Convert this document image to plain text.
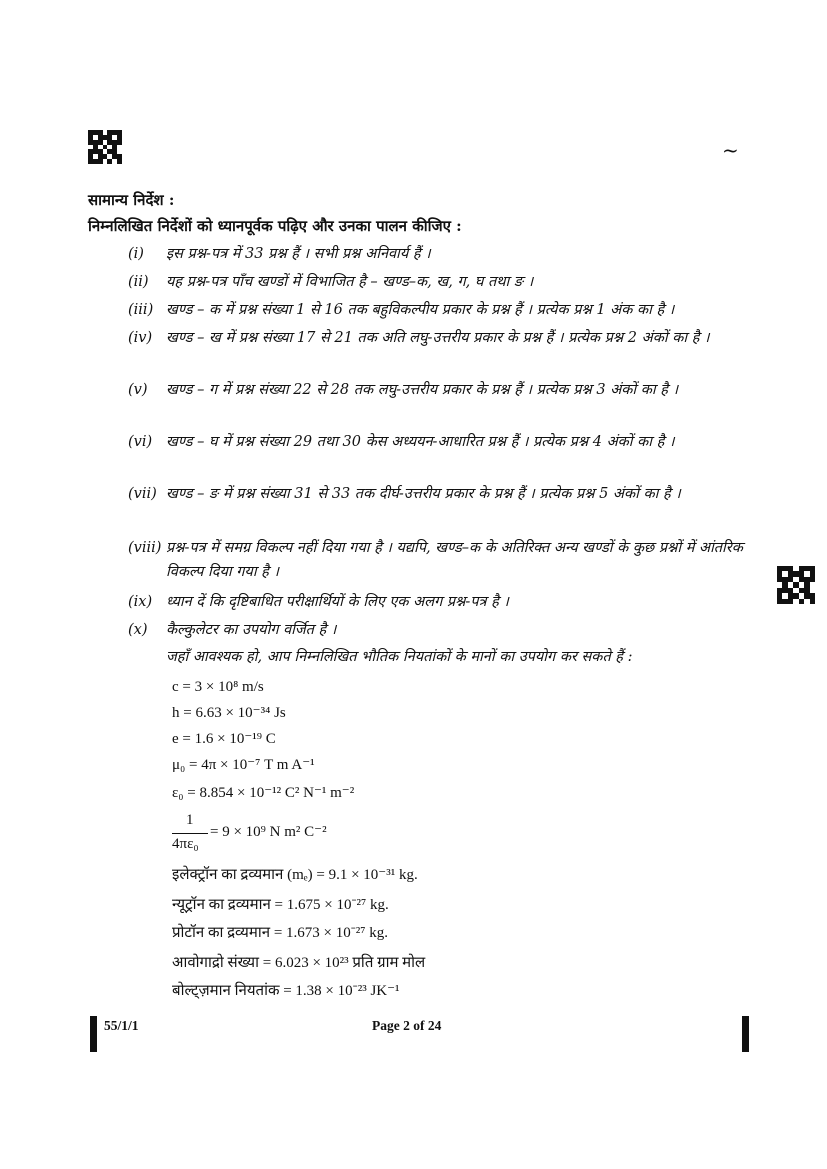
~
सामान्य निर्देश :
निम्नलिखित निर्देशों को ध्यानपूर्वक पढ़िए और उनका पालन कीजिए :
(i)	इस प्रश्न-पत्र में 33 प्रश्न हैं । सभी प्रश्न अनिवार्य हैं ।
(ii)	यह प्रश्न-पत्र पाँच खण्डों में विभाजित है – खण्ड–क, ख, ग, घ तथा ङ ।
(iii) खण्ड – क में प्रश्न संख्या 1 से 16 तक बहुविकल्पीय प्रकार के प्रश्न हैं । प्रत्येक प्रश्न 1 अंक का है ।
(iv) खण्ड – ख में प्रश्न संख्या 17 से 21 तक अति लघु-उत्तरीय प्रकार के प्रश्न हैं । प्रत्येक प्रश्न 2 अंकों का है ।
(v)	खण्ड – ग में प्रश्न संख्या 22 से 28 तक लघु-उत्तरीय प्रकार के प्रश्न हैं । प्रत्येक प्रश्न 3 अंकों का है ।
(vi) खण्ड – घ में प्रश्न संख्या 29 तथा 30 केस अध्ययन-आधारित प्रश्न हैं । प्रत्येक प्रश्न 4 अंकों का है ।
(vii) खण्ड – ङ में प्रश्न संख्या 31 से 33 तक दीर्घ-उत्तरीय प्रकार के प्रश्न हैं । प्रत्येक प्रश्न 5 अंकों का है ।
(viii) प्रश्न-पत्र में समग्र विकल्प नहीं दिया गया है । यद्यपि, खण्ड–क के अतिरिक्त अन्य खण्डों के कुछ प्रश्नों में आंतरिक विकल्प दिया गया है ।
(ix) ध्यान दें कि दृष्टिबाधित परीक्षार्थियों के लिए एक अलग प्रश्न-पत्र है ।
(x)	कैल्कुलेटर का उपयोग वर्जित है ।
जहाँ आवश्यक हो, आप निम्नलिखित भौतिक नियतांकों के मानों का उपयोग कर सकते हैं :
c = 3 × 10⁸ m/s
h = 6.63 × 10⁻³⁴ Js
e = 1.6 × 10⁻¹⁹ C
μ₀ = 4π × 10⁻⁷ T m A⁻¹
ε₀ = 8.854 × 10⁻¹² C² N⁻¹ m⁻²
1
4πε₀
= 9 × 10⁹ N m² C⁻²
इलेक्ट्रॉन का द्रव्यमान (mₑ) = 9.1 × 10⁻³¹ kg.
न्यूट्रॉन का द्रव्यमान = 1.675 × 10⁻²⁷ kg.
प्रोटॉन का द्रव्यमान = 1.673 × 10⁻²⁷ kg.
आवोगाद्रो संख्या = 6.023 × 10²³ प्रति ग्राम मोल
बोल्ट्ज़मान नियतांक = 1.38 × 10⁻²³ JK⁻¹
55/1/1	Page 2 of 24
